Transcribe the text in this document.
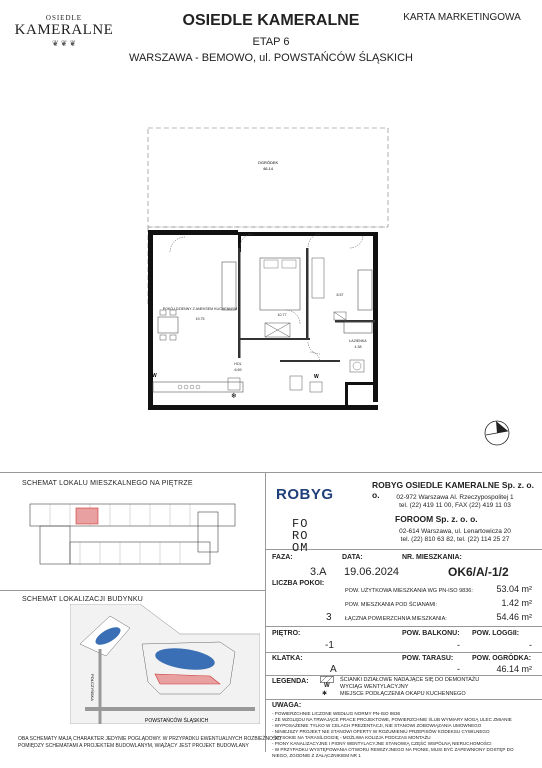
OSIEDLE
KAMERALNE
❦ ❦ ❦
OSIEDLE KAMERALNE
ETAP 6
WARSZAWA - BEMOWO, ul. POWSTAŃCÓW ŚLĄSKICH
KARTA MARKETINGOWA
OGRÓDEK
46.14
❄
POKÓJ DZIENNY Z ANEKSEM KUCHENNYM
19.75
10.77
8.57
ŁAZIENKA
4.38
HOL
6.69
W	W
SCHEMAT LOKALU MIESZKALNEGO NA PIĘTRZE
SCHEMAT LOKALIZACJI BUDYNKU
POWSTAŃCÓW ŚLĄSKICH
POŁCZYŃSKA
OBA SCHEMATY MAJĄ CHARAKTER JEDYNIE POGLĄDOWY. W PRZYPADKU EWENTUALNYCH ROZBIEŻNOŚCI
POMIĘDZY SCHEMATAMI A PROJEKTEM BUDOWLANYM, WIĄŻĄCY JEST PROJEKT BUDOWLANY
ROBYG
ROBYG OSIEDLE KAMERALNE Sp. z. o. o.	02-972 Warszawa Al. Rzeczypospolitej 1
tel. (22) 419 11 00, FAX (22) 419 11 03
FO
RO
OM
FOROOM Sp. z. o. o.
02-614 Warszawa, ul. Lenartowicza 20
tel. (22) 810 63 82, tel. (22) 114 25 27
FAZA:
3.A
DATA:
19.06.2024
NR. MIESZKANIA:
OK6/A/-1/2
LICZBA POKOI:
3
POW. UŻYTKOWA MIESZKANIA WG PN-ISO 9836:	53.04 m²
POW. MIESZKANIA POD ŚCIANAMI:	1.42 m²
ŁĄCZNA POWIERZCHNIA MIESZKANIA:	54.46 m²
PIĘTRO:
-1
POW. BALKONU:
-
POW. LOGGII:
-
KLATKA:
A
POW. TARASU:
-
POW. OGRÓDKA:
46.14 m²
LEGENDA:	ŚCIANKI DZIAŁOWE NADAJĄCE SIĘ DO DEMONTAŻU
W WYCIĄG WENTYLACYJNY
✱ MIEJSCE PODŁĄCZENIA OKAPU KUCHENNEGO
UWAGA:
- POWIERZCHNIE LICZONE WEDŁUG NORMY PN-ISO 9836
- ZE WZGLĘDU NA TRWAJĄCE PRACE PROJEKTOWE, POWIERZCHNIE I/LUB WYMIARY MOGĄ ULEC ZMIANIE
- WYPOSAŻENIE TYLKO W CELACH PREZENTACJI, NIE STANOWI ZOBOWIĄZANIA UMOWNEGO
- NINIEJSZY PROJEKT NIE STANOWI OFERTY W ROZUMIENIU PRZEPISÓW KODEKSU CYWILNEGO
- WYSOKIE NA TARAS/LOGGIĘ - MOŻLIWA KOLIZJA PODCZAS MONTAŻU
- PIONY KANALIZACYJNE I PIONY WENTYLACYJNE STANOWIĄ CZĘŚĆ WSPÓLNĄ NIERUCHOMOŚCI
- W PRZYPADKU WYSTĘPOWANIA OTWORU REWIZYJNEGO NA PIONIE, MUSI BYĆ ZAPEWNIONY DOSTĘP DO
NIEGO, ZGODNIE Z ZAŁĄCZNIKIEM NR 1
